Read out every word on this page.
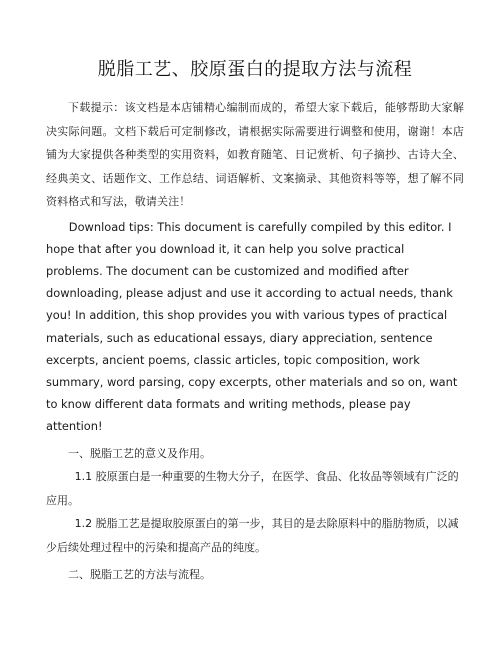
脱脂工艺、胶原蛋白的提取方法与流程

下载提示：该文档是本店铺精心编制而成的，希望大家下载后，能够帮助大家解决实际问题。文档下载后可定制修改，请根据实际需要进行调整和使用，谢谢！本店铺为大家提供各种类型的实用资料，如教育随笔、日记赏析、句子摘抄、古诗大全、经典美文、话题作文、工作总结、词语解析、文案摘录、其他资料等等，想了解不同资料格式和写法，敬请关注！

Download tips: This document is carefully compiled by this editor. I hope that after you download it, it can help you solve practical problems. The document can be customized and modified after downloading, please adjust and use it according to actual needs, thank you! In addition, this shop provides you with various types of practical materials, such as educational essays, diary appreciation, sentence excerpts, ancient poems, classic articles, topic composition, work summary, word parsing, copy excerpts, other materials and so on, want to know different data formats and writing methods, please pay attention!

一、脱脂工艺的意义及作用。

1.1 胶原蛋白是一种重要的生物大分子，在医学、食品、化妆品等领域有广泛的应用。

1.2 脱脂工艺是提取胶原蛋白的第一步，其目的是去除原料中的脂肪物质，以减少后续处理过程中的污染和提高产品的纯度。

二、脱脂工艺的方法与流程。
